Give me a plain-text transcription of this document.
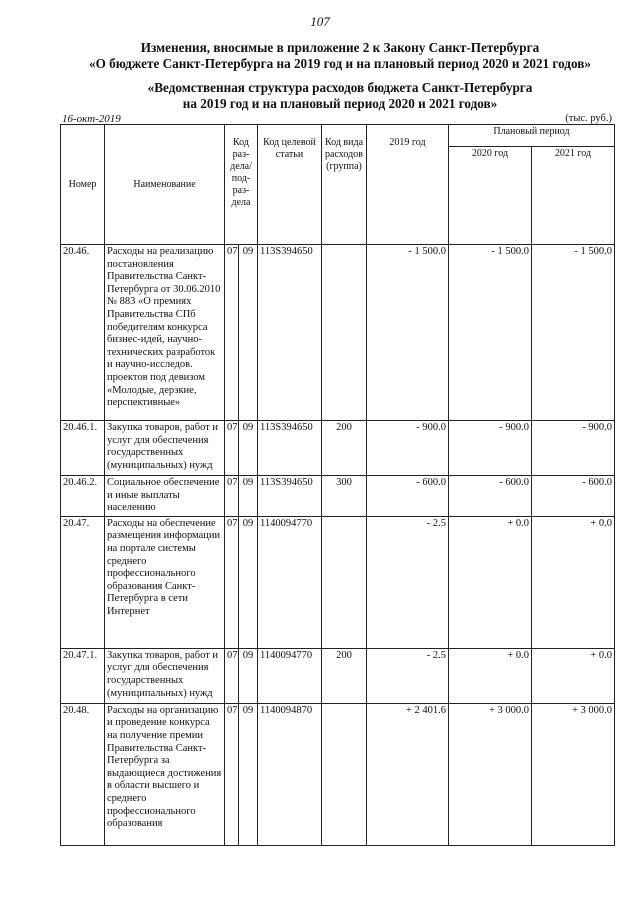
107
Изменения, вносимые в приложение 2 к Закону Санкт-Петербурга
«О бюджете Санкт-Петербурга на 2019 год и на плановый период 2020 и 2021 годов»
«Ведомственная структура расходов бюджета Санкт-Петербурга
на 2019 год и на плановый период 2020 и 2021 годов»
16-окт-2019	(тыс. руб.)
Номер	Наименование	Код раз-дела/ под-раз-дела		Код целевой статьи	Код вида расходов (группа)	2019 год	Плановый период	
							2020 год	2021 год
20.46.	Расходы на реализацию постановления Правительства Санкт-Петербурга от 30.06.2010 № 883 «О премиях Правительства СПб победителям конкурса бизнес-идей, научно-технических разработок и научно-исследов. проектов под девизом «Молодые, дерзкие, перспективные»	07	09	113S394650		- 1 500.0	- 1 500.0	- 1 500.0
20.46.1.	Закупка товаров, работ и услуг для обеспечения государственных (муниципальных) нужд	07	09	113S394650	200	- 900.0	- 900.0	- 900.0
20.46.2.	Социальное обеспечение и иные выплаты населению	07	09	113S394650	300	- 600.0	- 600.0	- 600.0
20.47.	Расходы на обеспечение размещения информации на портале системы среднего профессионального образования Санкт-Петербурга в сети Интернет	07	09	1140094770		- 2.5	+ 0.0	+ 0.0
20.47.1.	Закупка товаров, работ и услуг для обеспечения государственных (муниципальных) нужд	07	09	1140094770	200	- 2.5	+ 0.0	+ 0.0
20.48.	Расходы на организацию и проведение конкурса на получение премии Правительства Санкт-Петербурга за выдающиеся достижения в области высшего и среднего профессионального образования	07	09	1140094870		+ 2 401.6	+ 3 000.0	+ 3 000.0
